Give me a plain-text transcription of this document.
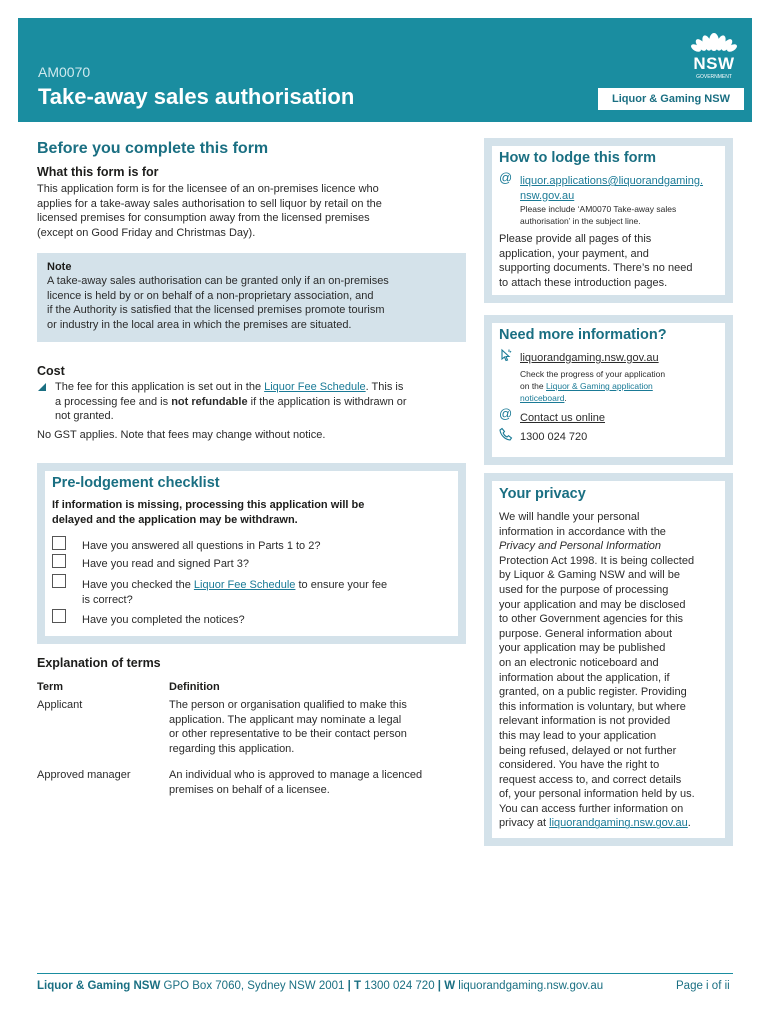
AM0070
Take-away sales authorisation	Liquor & Gaming NSW
NSW
GOVERNMENT
Before you complete this form
What this form is for
This application form is for the licensee of an on-premises licence who
applies for a take-away sales authorisation to sell liquor by retail on the
licensed premises for consumption away from the licensed premises
(except on Good Friday and Christmas Day).
Note
A take-away sales authorisation can be granted only if an on-premises
licence is held by or on behalf of a non-proprietary association, and
if the Authority is satisfied that the licensed premises promote tourism
or industry in the local area in which the premises are situated.
Cost
The fee for this application is set out in the Liquor Fee Schedule. This is
a processing fee and is not refundable if the application is withdrawn or
not granted.
No GST applies. Note that fees may change without notice.
Pre-lodgement checklist
If information is missing, processing this application will be
delayed and the application may be withdrawn.
Have you answered all questions in Parts 1 to 2?
Have you read and signed Part 3?
Have you checked the Liquor Fee Schedule to ensure your fee
is correct?
Have you completed the notices?
Explanation of terms
Term	Definition
Applicant	The person or organisation qualified to make this
application. The applicant may nominate a legal
or other representative to be their contact person
regarding this application.
Approved manager	An individual who is approved to manage a licenced
premises on behalf of a licensee.
How to lodge this form
@ liquor.applications@liquorandgaming.
nsw.gov.au
Please include ‘AM0070 Take-away sales
authorisation’ in the subject line.
Please provide all pages of this
application, your payment, and
supporting documents. There’s no need
to attach these introduction pages.
Need more information?
liquorandgaming.nsw.gov.au
Check the progress of your application
on the Liquor & Gaming application
noticeboard.
@ Contact us online
1300 024 720
Your privacy
We will handle your personal
information in accordance with the
Privacy and Personal Information
Protection Act 1998. It is being collected
by Liquor & Gaming NSW and will be
used for the purpose of processing
your application and may be disclosed
to other Government agencies for this
purpose. General information about
your application may be published
on an electronic noticeboard and
information about the application, if
granted, on a public register. Providing
this information is voluntary, but where
relevant information is not provided
this may lead to your application
being refused, delayed or not further
considered. You have the right to
request access to, and correct details
of, your personal information held by us.
You can access further information on
privacy at liquorandgaming.nsw.gov.au.
Liquor & Gaming NSW GPO Box 7060, Sydney NSW 2001 | T 1300 024 720 | W liquorandgaming.nsw.gov.au	Page i of ii
